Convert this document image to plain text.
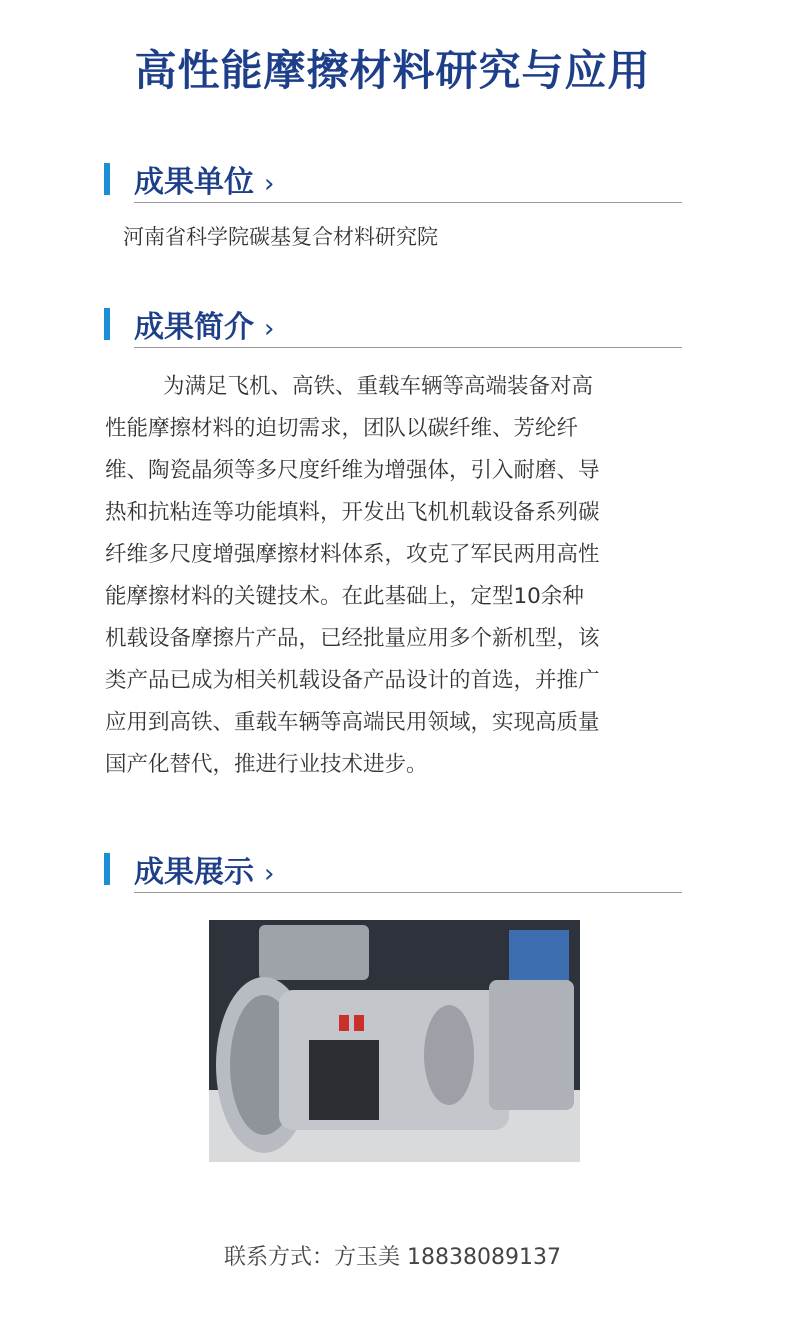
高性能摩擦材料研究与应用
成果单位 ›
河南省科学院碳基复合材料研究院
成果简介 ›
为满足飞机、高铁、重载车辆等高端装备对高
性能摩擦材料的迫切需求，团队以碳纤维、芳纶纤
维、陶瓷晶须等多尺度纤维为增强体，引入耐磨、导
热和抗粘连等功能填料，开发出飞机机载设备系列碳
纤维多尺度增强摩擦材料体系，攻克了军民两用高性
能摩擦材料的关键技术。在此基础上，定型10余种
机载设备摩擦片产品，已经批量应用多个新机型，该
类产品已成为相关机载设备产品设计的首选，并推广
应用到高铁、重载车辆等高端民用领域，实现高质量
国产化替代，推进行业技术进步。
成果展示 ›
联系方式：方玉美 18838089137
